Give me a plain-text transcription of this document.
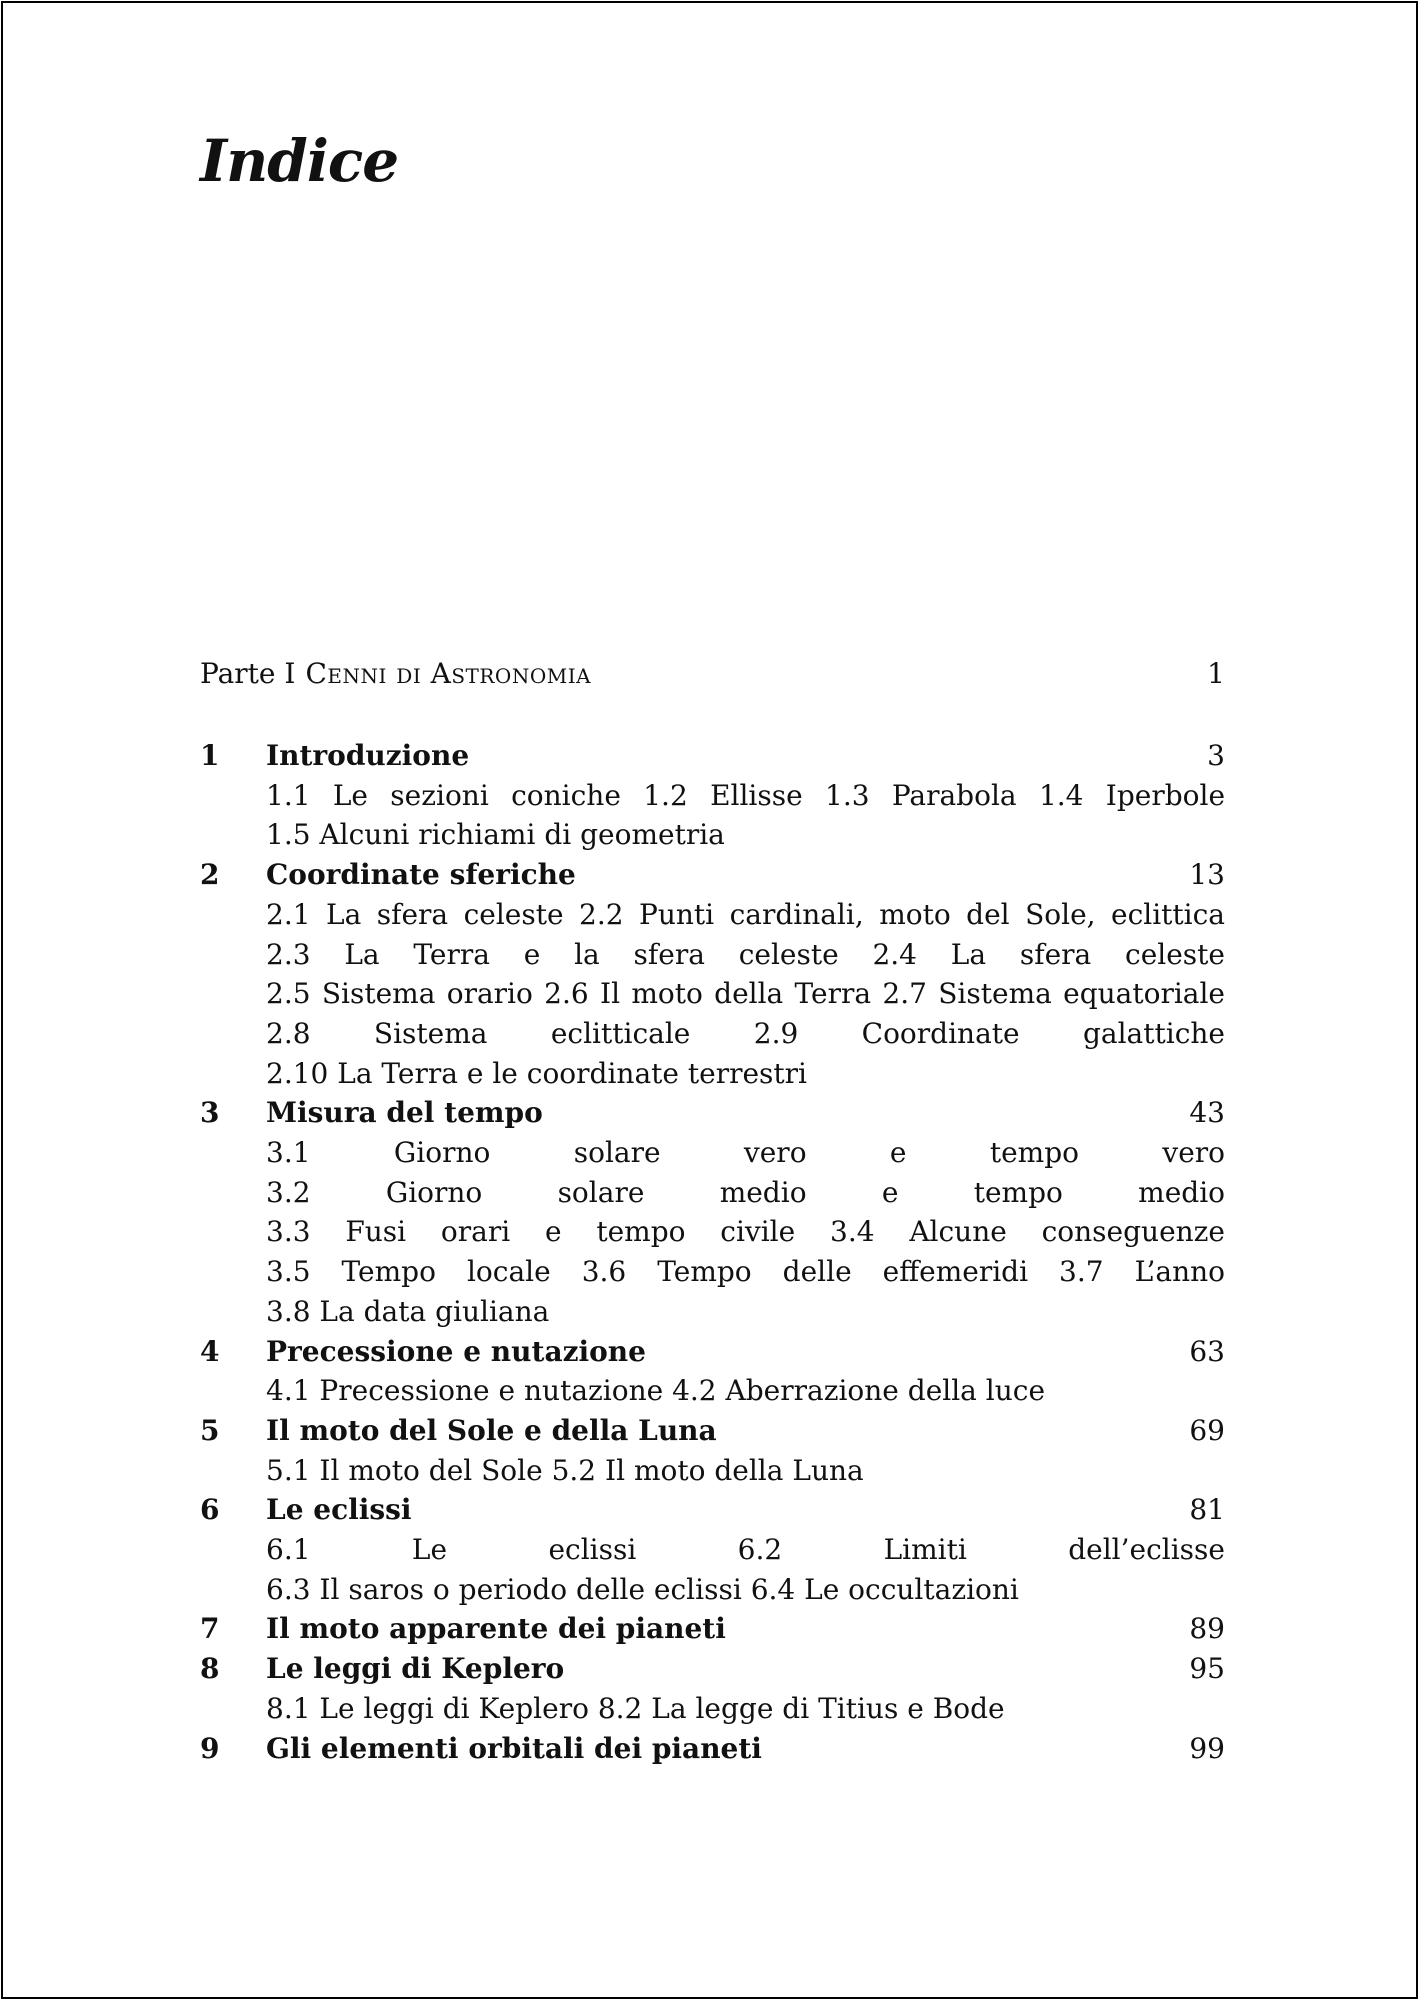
Indice
Parte I Cenni di Astronomia	1
1 Introduzione	3
1.1 Le sezioni coniche 1.2 Ellisse 1.3 Parabola 1.4 Iperbole 1.5 Alcuni richiami di geometria
2 Coordinate sferiche	13
2.1 La sfera celeste 2.2 Punti cardinali, moto del Sole, eclittica 2.3 La Terra e la sfera celeste 2.4 La sfera celeste 2.5 Sistema orario 2.6 Il moto della Terra 2.7 Sistema equatoriale 2.8 Sistema eclitticale 2.9 Coordinate galattiche 2.10 La Terra e le coordinate terrestri
3 Misura del tempo	43
3.1 Giorno solare vero e tempo vero 3.2 Giorno solare medio e tempo medio 3.3 Fusi orari e tempo civile 3.4 Alcune conseguenze 3.5 Tempo locale 3.6 Tempo delle effemeridi 3.7 L’anno 3.8 La data giuliana
4 Precessione e nutazione	63
4.1 Precessione e nutazione 4.2 Aberrazione della luce
5 Il moto del Sole e della Luna	69
5.1 Il moto del Sole 5.2 Il moto della Luna
6 Le eclissi	81
6.1 Le eclissi	6.2 Limiti dell’eclisse 6.3 Il saros o periodo delle eclissi 6.4 Le occultazioni
7 Il moto apparente dei pianeti	89
8 Le leggi di Keplero	95
8.1 Le leggi di Keplero 8.2 La legge di Titius e Bode
9 Gli elementi orbitali dei pianeti	99
